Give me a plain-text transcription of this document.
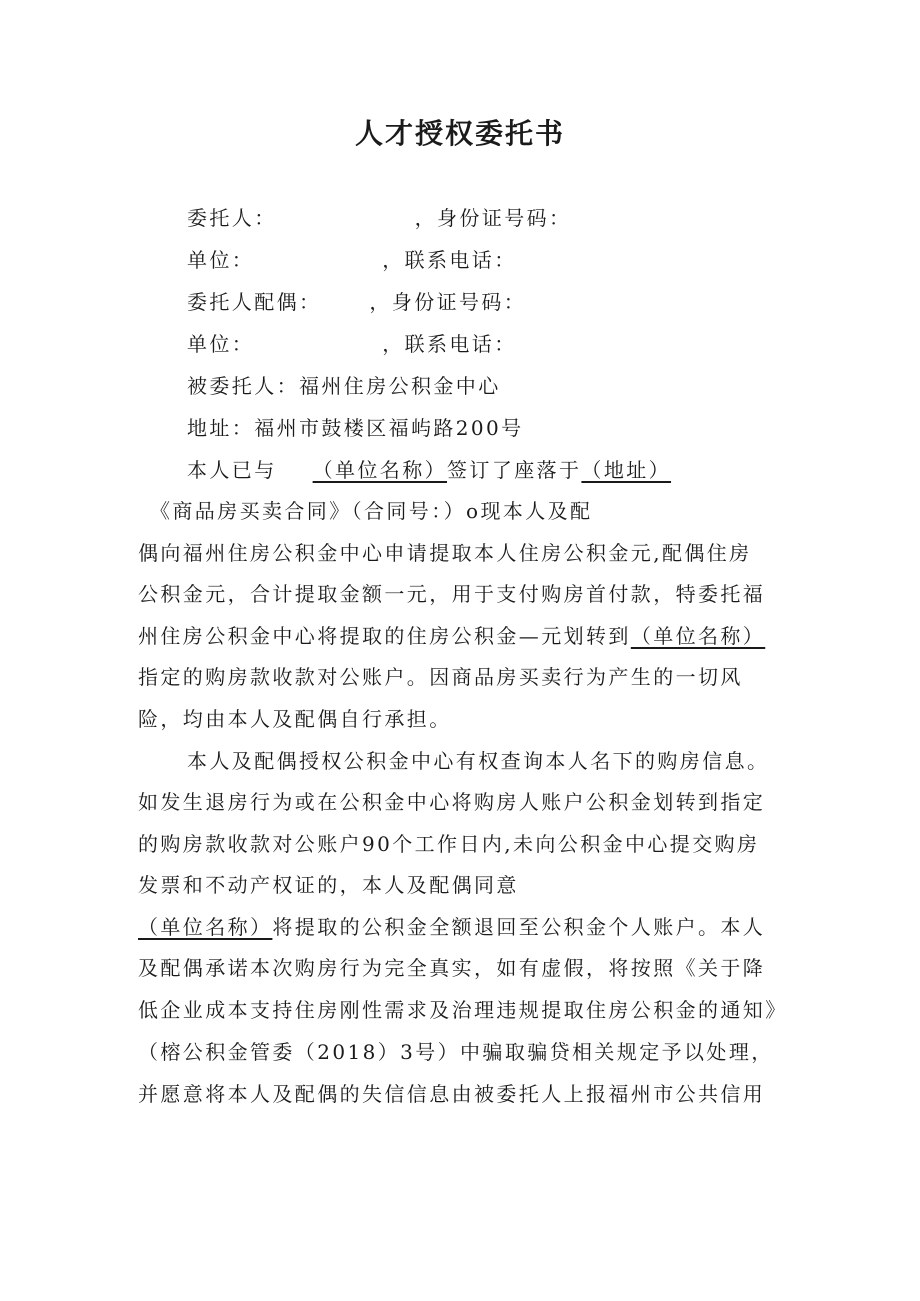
人才授权委托书
委托人：	，身份证号码：
单位：	，联系电话：
委托人配偶： ，身份证号码：
单位：	，联系电话：
被委托人：福州住房公积金中心
地址：福州市鼓楼区福屿路200号
本人已与 （单位名称）签订了座落于（地址）
《商品房买卖合同》（合同号：）o现本人及配
偶向福州住房公积金中心申请提取本人住房公积金元,配偶住房
公积金元，合计提取金额一元，用于支付购房首付款，特委托福
州住房公积金中心将提取的住房公积金—元划转到（单位名称）
指定的购房款收款对公账户。因商品房买卖行为产生的一切风
险，均由本人及配偶自行承担。
本人及配偶授权公积金中心有权查询本人名下的购房信息。
如发生退房行为或在公积金中心将购房人账户公积金划转到指定
的购房款收款对公账户90个工作日内,未向公积金中心提交购房
发票和不动产权证的，本人及配偶同意
（单位名称）将提取的公积金全额退回至公积金个人账户。本人
及配偶承诺本次购房行为完全真实，如有虚假，将按照《关于降
低企业成本支持住房刚性需求及治理违规提取住房公积金的通知》
（榕公积金管委（2018）3号）中骗取骗贷相关规定予以处理，
并愿意将本人及配偶的失信信息由被委托人上报福州市公共信用
